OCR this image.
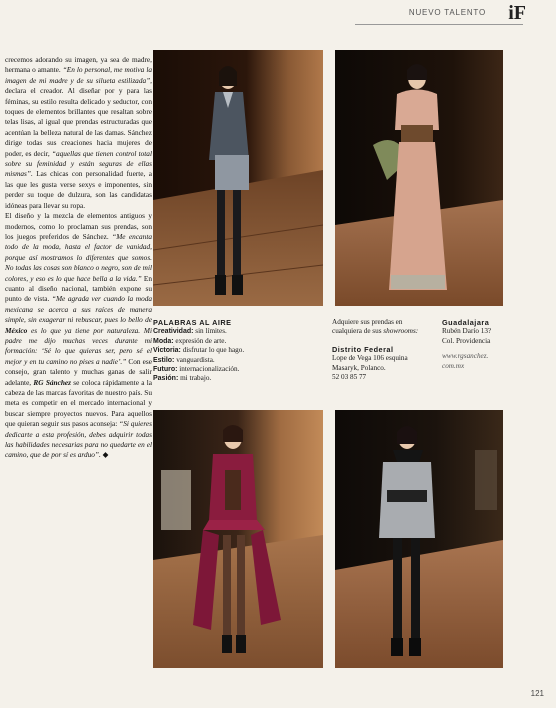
NUEVO TALENTO iF

crecemos adorando su imagen, ya sea de madre, hermana o amante. “En lo personal, me motiva la imagen de mi madre y de su silueta estilizada”, declara el creador. Al diseñar por y para las féminas, su estilo resulta delicado y seductor, con toques de elementos brillantes que resaltan sobre telas lisas, al igual que prendas estructuradas que acentúan la belleza natural de las damas. Sánchez dirige todas sus creaciones hacia mujeres de poder, es decir, “aquellas que tienen control total sobre su feminidad y están seguras de ellas mismas”. Las chicas con personalidad fuerte, a las que les gusta verse sexys e imponentes, sin perder su toque de dulzura, son las candidatas idóneas para llevar su ropa.

El diseño y la mezcla de elementos antiguos y modernos, como lo proclaman sus prendas, son los juegos preferidos de Sánchez. “Me encanta todo de la moda, hasta el factor de vanidad, porque así mostramos lo diferentes que somos. No todas las cosas son blanco o negro, son de mil colores, y eso es lo que hace bella a la vida.” En cuanto al diseño nacional, también expone su punto de vista. “Me agrada ver cuando la moda mexicana se acerca a sus raíces de manera simple, sin exagerar ni rebuscar, pues lo bello de México es lo que ya tiene por naturaleza. Mi padre me dijo muchas veces durante mi formación: ‘Sé lo que quieras ser, pero sé el mejor y en tu camino no pises a nadie’.” Con ese consejo, gran talento y muchas ganas de salir adelante, RG Sánchez se coloca rápidamente a la cabeza de las marcas favoritas de nuestro país. Su meta es competir en el mercado internacional y buscar siempre proyectos nuevos. Para aquellos que quieran seguir sus pasos aconseja: “Si quieres dedicarte a esta profesión, debes adquirir todas las habilidades necesarias para no quedarte en el camino, que de por sí es arduo”. ◆

PALABRAS AL AIRE
Creatividad: sin límites.
Moda: expresión de arte.
Victoria: disfrutar lo que hago.
Estilo: vanguardista.
Futuro: internacionalización.
Pasión: mi trabajo.
Adquiere sus prendas en cualquiera de sus showrooms:
Distrito Federal
Lope de Vega 106 esquina Masaryk, Polanco.
52 03 85 77
Guadalajara
Rubén Darío 13?
Col. Providencia
www.rgsanchez.com.mx
121
